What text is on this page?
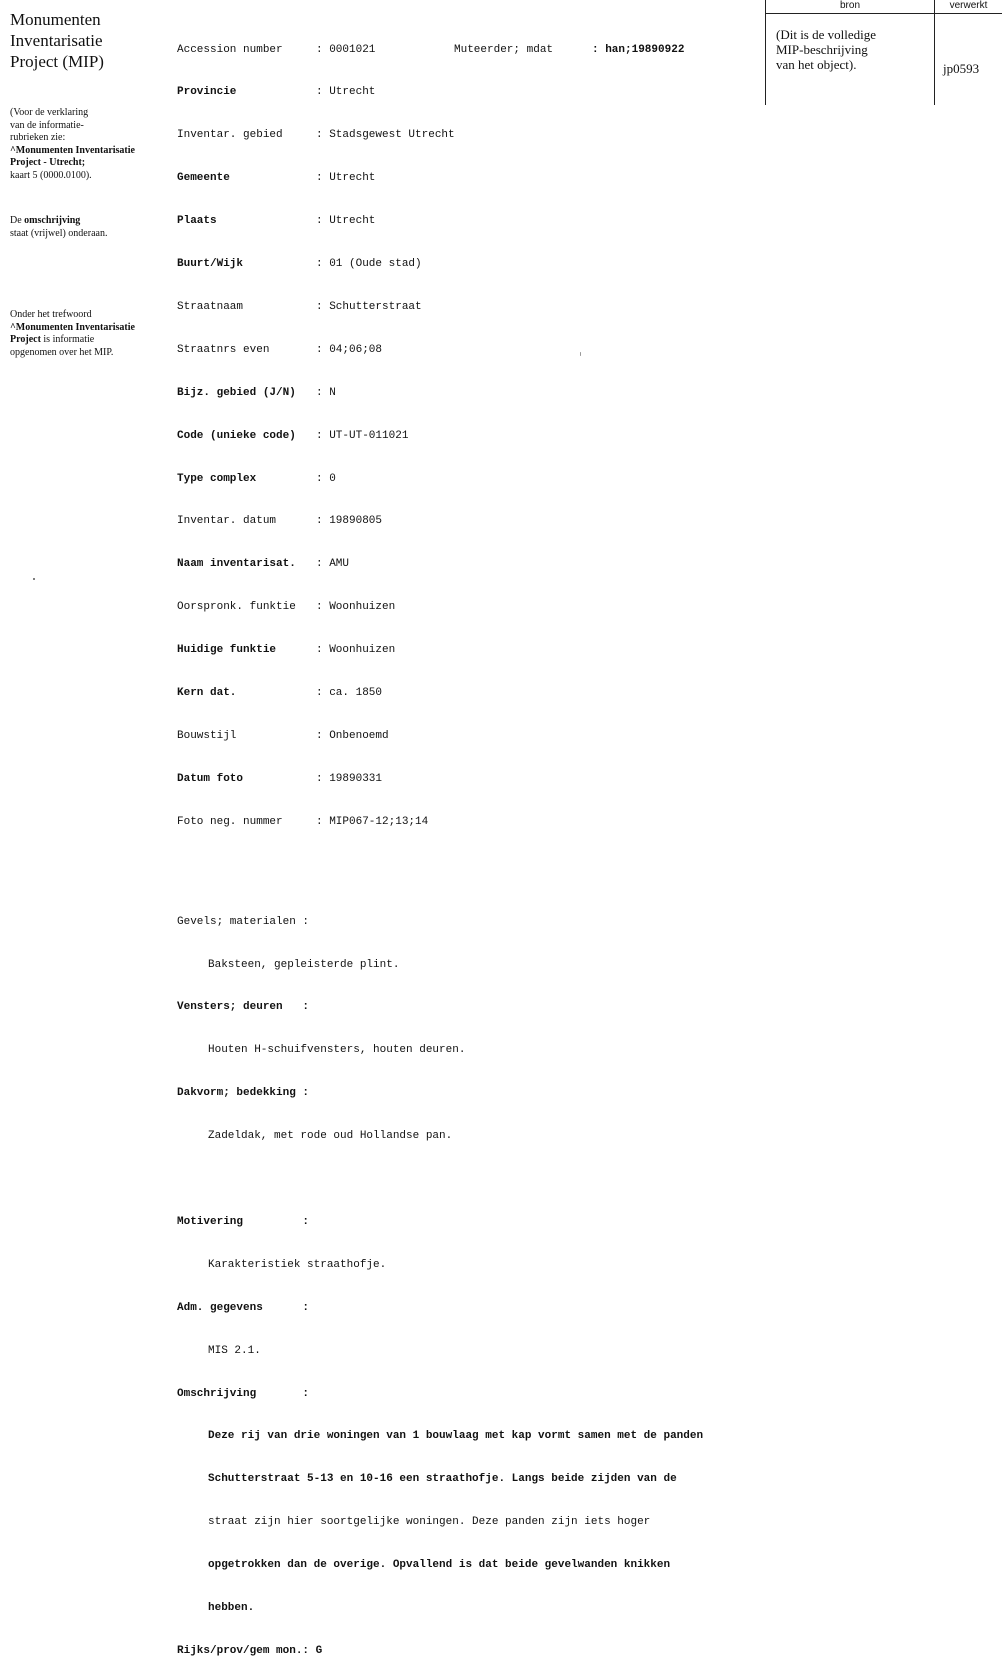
Monumenten
Inventarisatie
Project (MIP)
(Voor de verklaring
van de informatie-
rubrieken zie:
^Monumenten Inventarisatie
Project - Utrecht;
kaart 5 (0000.0100).
De omschrijving
staat (vrijwel) onderaan.
Onder het trefwoord
^Monumenten Inventarisatie
Project is informatie
opgenomen over het MIP.

Accession number	: 0001021	Muteerder; mdat	: han;19890922

Provincie	: Utrecht

Inventar. gebied	: Stadsgewest Utrecht

Gemeente	: Utrecht

Plaats	: Utrecht

Buurt/Wijk	: 01 (Oude stad)

Straatnaam	: Schutterstraat

Straatnrs even	: 04;06;08

Bijz. gebied (J/N) : N

Code (unieke code) : UT-UT-011021

Type complex	: 0

Inventar. datum	: 19890805

Naam inventarisat. : AMU

Oorspronk. funktie : Woonhuizen

Huidige funktie	: Woonhuizen

Kern dat.	: ca. 1850

Bouwstijl	: Onbenoemd

Datum foto	: 19890331

Foto neg. nummer	: MIP067-12;13;14

Gevels; materialen :

Baksteen, gepleisterde plint.

Vensters; deuren   :

Houten H-schuifvensters, houten deuren.

Dakvorm; bedekking :

Zadeldak, met rode oud Hollandse pan.

Motivering         :

Karakteristiek straathofje.

Adm. gegevens      :

MIS 2.1.

Omschrijving       :

Deze rij van drie woningen van 1 bouwlaag met kap vormt samen met de panden

Schutterstraat 5-13 en 10-16 een straathofje. Langs beide zijden van de

straat zijn hier soortgelijke woningen. Deze panden zijn iets hoger

opgetrokken dan de overige. Opvallend is dat beide gevelwanden knikken

hebben.

Rijks/prov/gem mon.: G

bron	verwerkt
(Dit is de volledige
MIP-beschrijving
van het object).	jp0593
